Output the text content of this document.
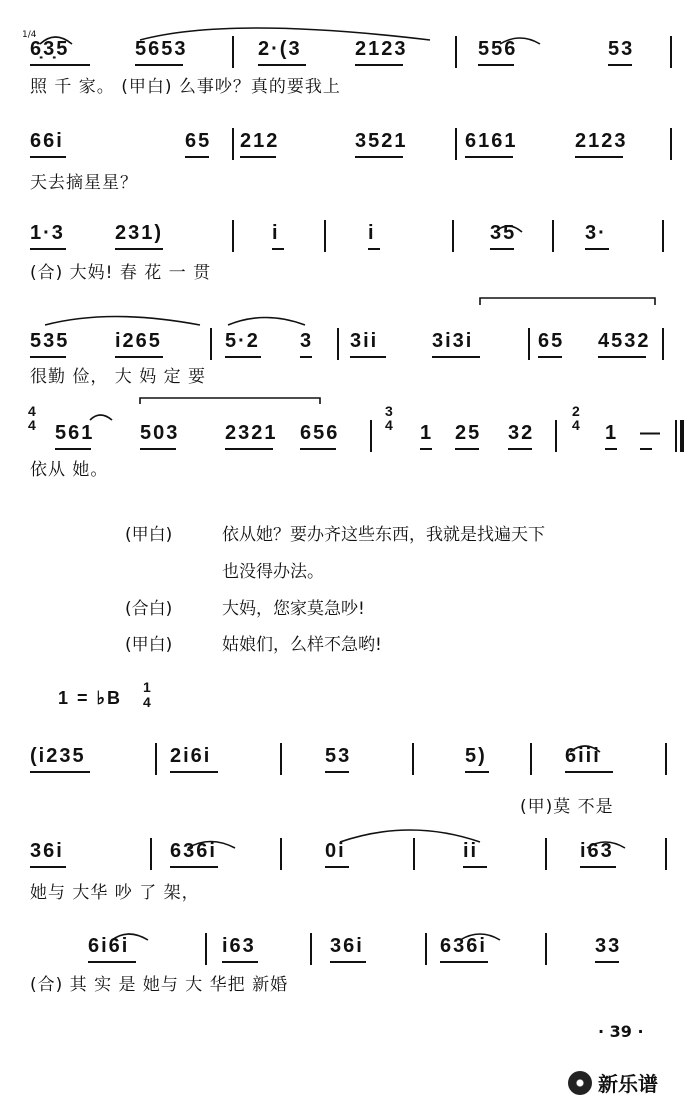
1/4
6̣3̣5	5653	2·(3	2123	556	53
照 千 家。 (甲白) 么事吵？真的要我上
66i	65 212	3521	6161	2123
天去摘星星？
1·3	231)	i	i	35	3·
(合) 大妈! 春 花 一 贯
535 i265	5·2 3 3ii	3i3i	65 4532
很勤 俭， 大 妈 定 要
561 503 2321 656	1 25 32	1 —
依从 她。
(i235	2i6i	53	5)	6iii
36i	636i	0i	ii	i63
她与 大华 吵 了 架，
6i6i	i63	36i	636i	33
(合) 其 实 是 她与 大 华把 新婚
4
4
3
4
2
4
(甲白)	依从她？要办齐这些东西，我就是找遍天下
也没得办法。
(合白)	大妈，您家莫急吵!
(甲白)	姑娘们，么样不急哟!
1 = ♭B
1
4
(甲)莫 不是
· 39 ·
新乐谱
